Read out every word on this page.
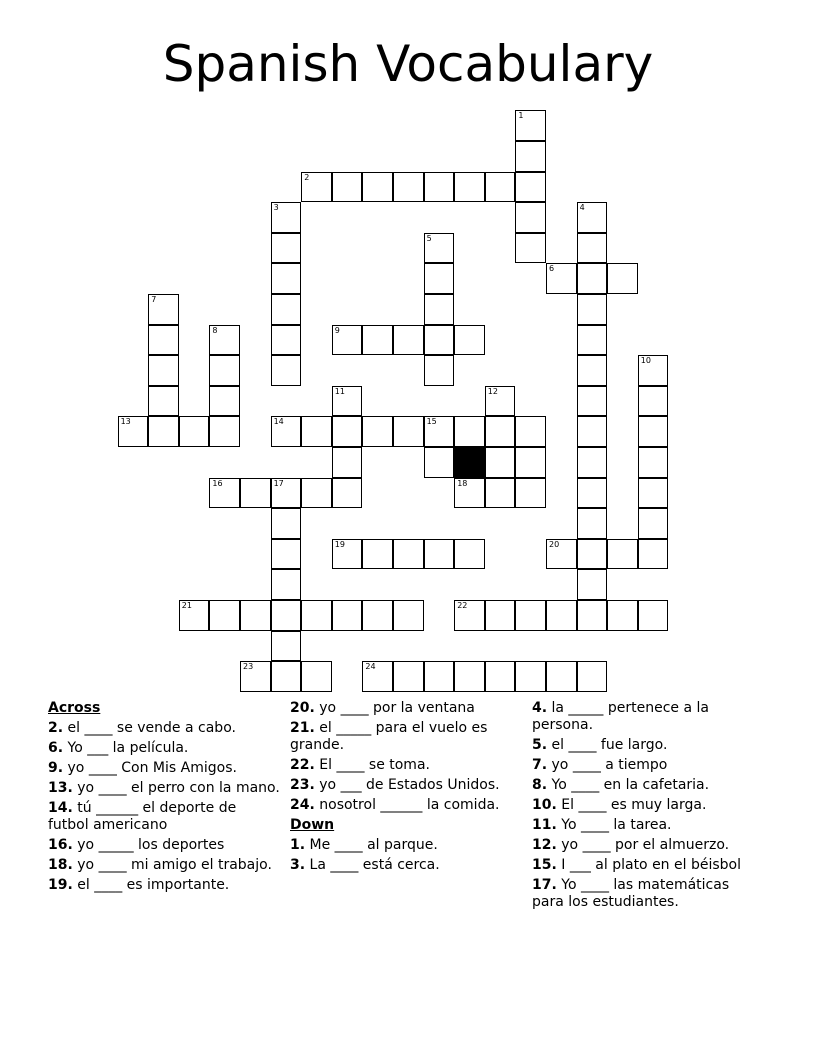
Spanish Vocabulary
1
2
3	4
5
6
7
8	9
10
11	12
13	14	15
16	17	18
19	20
21	22
23	24
Across
2. el ____ se vende a cabo.
6. Yo ___ la película.
9. yo ____ Con Mis Amigos.
13. yo ____ el perro con la mano.
14. tú ______ el deporte de futbol americano
16. yo _____ los deportes
18. yo ____ mi amigo el trabajo.
19. el ____ es importante.
20. yo ____ por la ventana
21. el _____ para el vuelo es grande.
22. El ____ se toma.
23. yo ___ de Estados Unidos.
24. nosotrol ______ la comida.
Down
1. Me ____ al parque.
3. La ____ está cerca.
4. la _____ pertenece a la persona.
5. el ____ fue largo.
7. yo ____ a tiempo
8. Yo ____ en la cafetaria.
10. El ____ es muy larga.
11. Yo ____ la tarea.
12. yo ____ por el almuerzo.
15. I ___ al plato en el béisbol
17. Yo ____ las matemáticas para los estudiantes.
